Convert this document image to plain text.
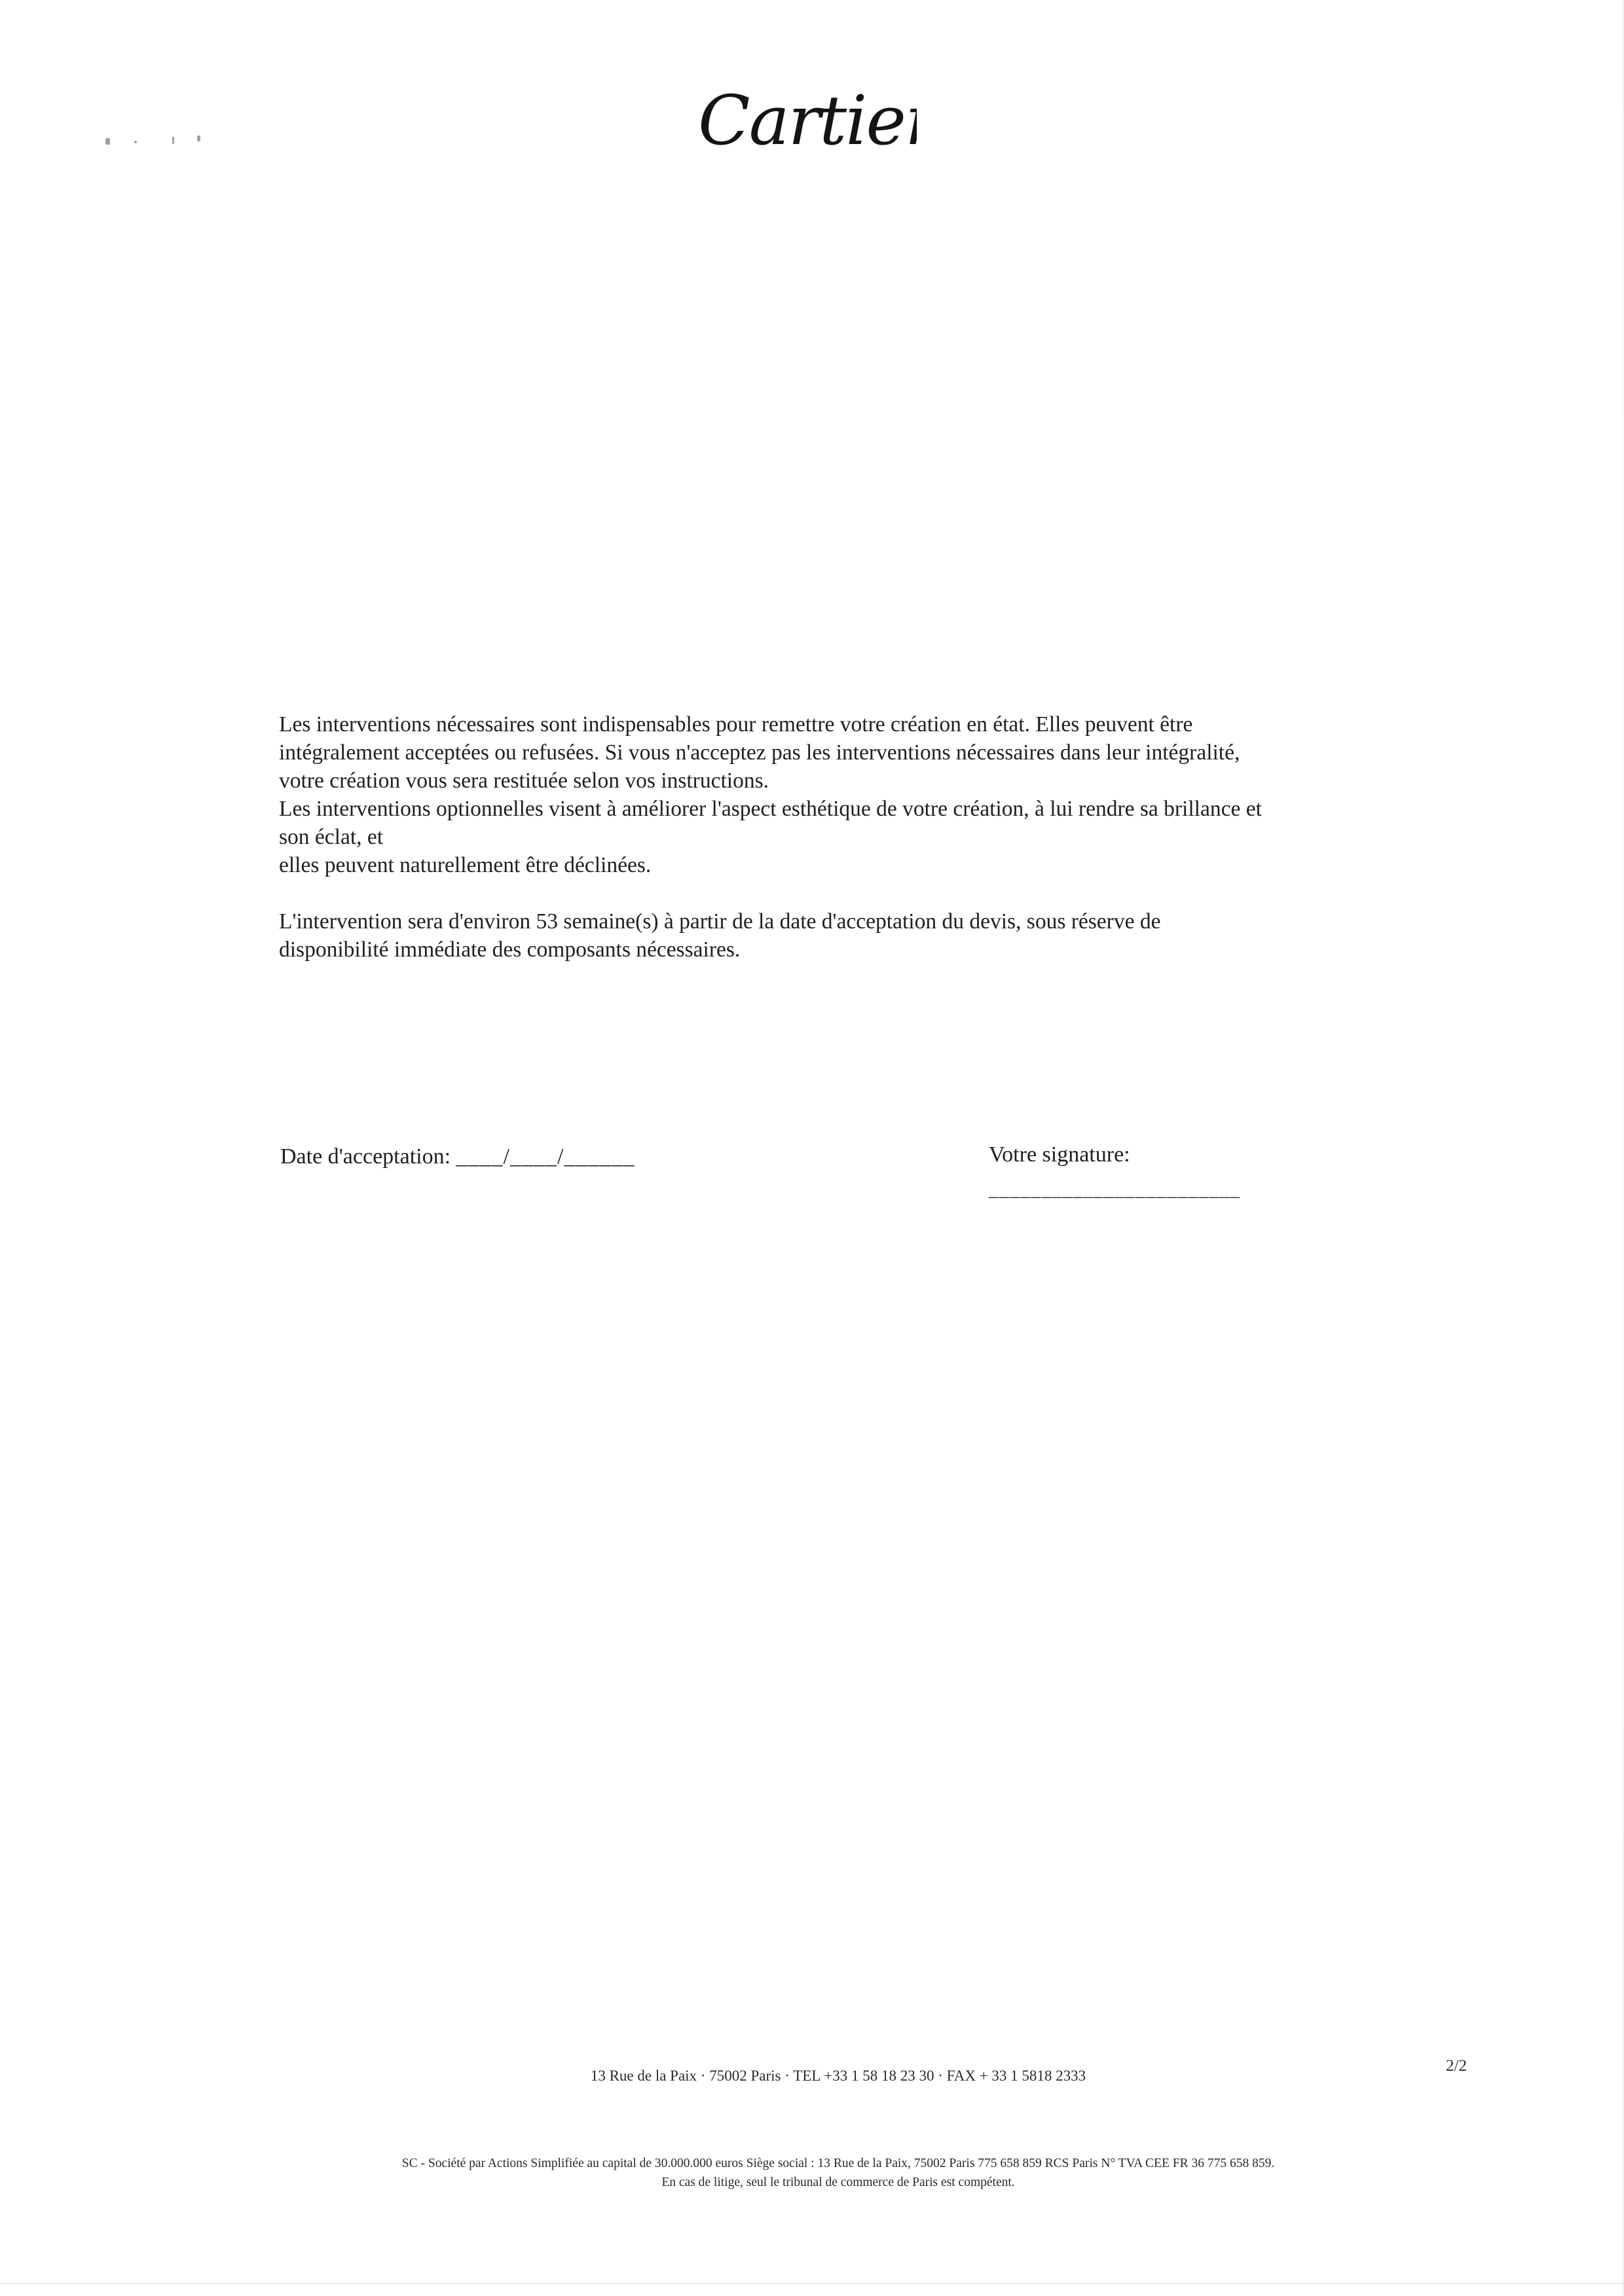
Cartier
Les interventions nécessaires sont indispensables pour remettre votre création en état. Elles peuvent être
intégralement acceptées ou refusées. Si vous n'acceptez pas les interventions nécessaires dans leur intégralité,
votre création vous sera restituée selon vos instructions.
Les interventions optionnelles visent à améliorer l'aspect esthétique de votre création, à lui rendre sa brillance et
son éclat, et
elles peuvent naturellement être déclinées.
L'intervention sera d'environ 53 semaine(s) à partir de la date d'acceptation du devis, sous réserve de
disponibilité immédiate des composants nécessaires.
Date d'acceptation: ____/____/______	Votre signature:
________________________
13 Rue de la Paix · 75002 Paris · TEL +33 1 58 18 23 30 · FAX + 33 1 5818 2333
2/2
SC - Société par Actions Simplifiée au capital de 30.000.000 euros Siège social : 13 Rue de la Paix, 75002 Paris 775 658 859 RCS Paris N° TVA CEE FR 36 775 658 859.
En cas de litige, seul le tribunal de commerce de Paris est compétent.
